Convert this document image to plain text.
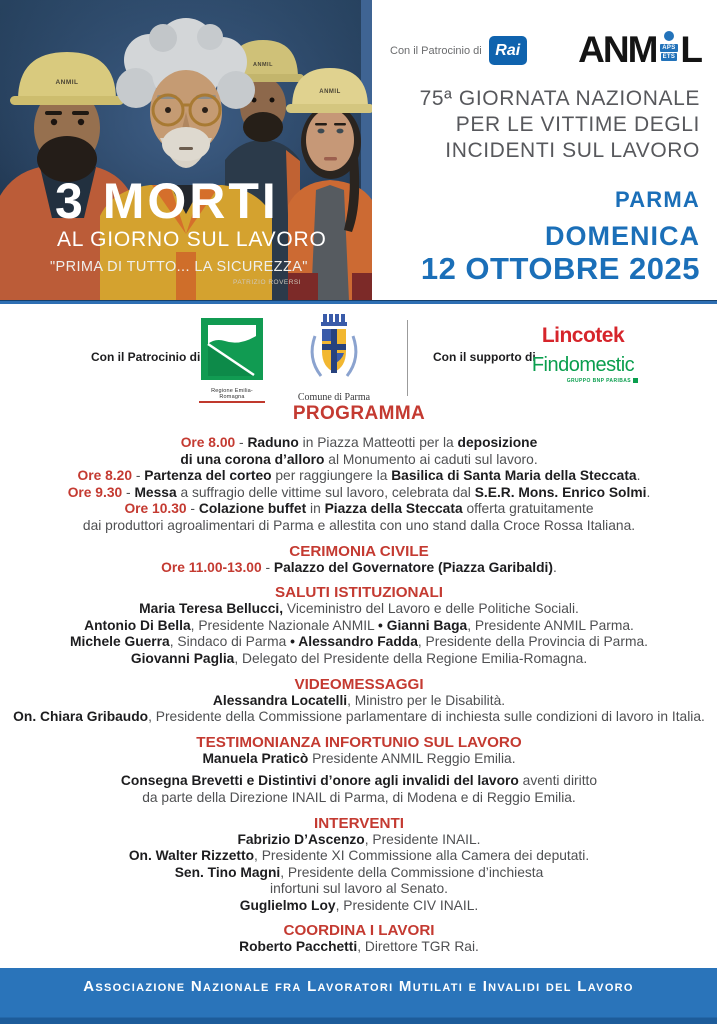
ANMIL
ANMIL
ANMIL
3 MORTI
AL GIORNO SUL LAVORO
"PRIMA DI TUTTO... LA SICUREZZA"
PATRIZIO ROVERSI
Con il Patrocinio di Rai ANM APS
ETS L
75ª GIORNATA NAZIONALE
PER LE VITTIME DEGLI
INCIDENTI SUL LAVORO
PARMA
DOMENICA
12 OTTOBRE 2025
Con il Patrocinio di
Regione Emilia-Romagna	Comune di Parma
Con il supporto di
Lincotek
Findomestic
GRUPPO BNP PARIBAS
PROGRAMMA
Ore 8.00 - Raduno in Piazza Matteotti per la deposizione
di una corona d’alloro al Monumento ai caduti sul lavoro.
Ore 8.20 - Partenza del corteo per raggiungere la Basilica di Santa Maria della Steccata.
Ore 9.30 - Messa a suffragio delle vittime sul lavoro, celebrata dal S.E.R. Mons. Enrico Solmi.
Ore 10.30 - Colazione buffet in Piazza della Steccata offerta gratuitamente
dai produttori agroalimentari di Parma e allestita con uno stand dalla Croce Rossa Italiana.
CERIMONIA CIVILE
Ore 11.00-13.00 - Palazzo del Governatore (Piazza Garibaldi).
SALUTI ISTITUZIONALI
Maria Teresa Bellucci, Viceministro del Lavoro e delle Politiche Sociali.
Antonio Di Bella, Presidente Nazionale ANMIL • Gianni Baga, Presidente ANMIL Parma.
Michele Guerra, Sindaco di Parma • Alessandro Fadda, Presidente della Provincia di Parma.
Giovanni Paglia, Delegato del Presidente della Regione Emilia-Romagna.
VIDEOMESSAGGI
Alessandra Locatelli, Ministro per le Disabilità.
On. Chiara Gribaudo, Presidente della Commissione parlamentare di inchiesta sulle condizioni di lavoro in Italia.
TESTIMONIANZA INFORTUNIO SUL LAVORO
Manuela Praticò Presidente ANMIL Reggio Emilia.
Consegna Brevetti e Distintivi d’onore agli invalidi del lavoro aventi diritto
da parte della Direzione INAIL di Parma, di Modena e di Reggio Emilia.
INTERVENTI
Fabrizio D’Ascenzo, Presidente INAIL.
On. Walter Rizzetto, Presidente XI Commissione alla Camera dei deputati.
Sen. Tino Magni, Presidente della Commissione d’inchiesta
infortuni sul lavoro al Senato.
Guglielmo Loy, Presidente CIV INAIL.
COORDINA I LAVORI
Roberto Pacchetti, Direttore TGR Rai.
Associazione Nazionale fra Lavoratori Mutilati e Invalidi del Lavoro
